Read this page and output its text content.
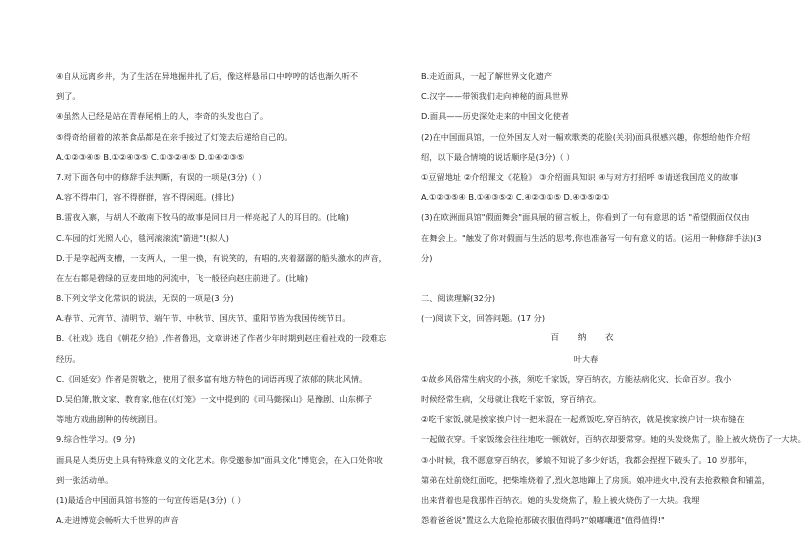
④自从远离乡井，为了生活在异地掘井扎了后，像这样悬吊口中哼哼的话也渐久听不
到了。
④虽然人已经是站在青春尾梢上的人，李奇的头发也白了。
⑤得奇给留着的浓茶食品都是在亲手接过了灯笼去后递给自己的。
A.①②③④⑤ B.①②④③⑤ C.①③②④⑤ D.①④②③⑤
7.对下面各句中的修辞手法判断，有误的一项是(3分)（ ）
A.容不得串门，容不得群群，容不得闲逛。(排比)
B.雷夜入寨，与胡人不敢南下牧马的故事是同日月一样亮起了人的耳目的。(比喻)
C.车园的灯光照人心，毯河滚滚流"箭进"!(拟人)
D.于是孪起两支槽，一支两人，一里一换，有说笑的，有唱的,夹着潺潺的船头激水的声音，
在左右都是碧绿的豆麦田地的河流中，飞一般径向赵庄前进了。(比喻)
8.下列文学文化常识的说法，无误的一项是(3 分)
A.春节、元宵节、清明节、端午节、中秋节、国庆节、重阳节皆为我国传统节日。
B.《社戏》选自《朝花夕拾》,作者鲁迅，文章讲述了作者少年时期到赵庄看社戏的一段难忘
经历。
C.《回延安》作者是贺敬之，使用了很多富有地方特色的词语再现了浓郁的陕北风情。
D.吴伯箫,散文家、教育家,他在(《灯笼》一文中提到的《司马懿探山》是豫剧、山东梆子
等地方戏曲剧种的传统剧目。
9.综合性学习。(9 分)
面具是人类历史上具有特殊意义的文化艺术。你受邀参加"面具文化"博览会，在入口处你收
到一张活动单。
(1)最适合中国面具馆书签的一句宣传语是(3分)（ ）
A.走进博览会畅听大千世界的声音
B.走近面具，一起了解世界文化遗产
C.汉字——带领我们走向神秘的面具世界
D.面具——历史深处走来的中国文化使者
(2)在中国面具馆，一位外国友人对一幅欢歌类的花脸(关羽)面具很感兴趣，你想给他作介绍
绍，以下最合情境的说话顺序是(3分)（ ）
①豆留地址 ②介绍课文《花脸》 ③介绍面具知识 ④与对方打招呼 ⑤请送我国范义的故事
A.①②③⑤④ B.①④③⑤② C.④②③①⑤ D.④③⑤②①
(3)在欧洲面具馆"假面舞会"面具展的留言板上，你看到了一句有意思的话 "希望假面仅仅由
在舞会上。"触发了你对假面与生活的思考,你也准备写一句有意义的话。(运用一种修辞手法)(3
分)
二、阅读理解(32分)
(一)阅读下文，回答问题。(17 分)
百 纳 衣
叶大春
①故乡风俗常生病灾的小孩，须吃千家饭，穿百纳衣，方能祛病化灾、长命百岁。我小
时候经常生病，父母就让我吃千家饭，穿百纳衣。
②吃千家饭,就是挨家挨户讨一把米混在一起煮饭吃,穿百纳衣，就是挨家挨户讨一块布缝在
一起做衣穿。千家饭缘会往往地吃一顿就好，百纳衣却要常穿。她的头发烧焦了，脸上被火烧伤了一大块。
③小时候，我不愿意穿百纳衣，爹娘不知说了多少好话，我都会捏捏下破头了。10 岁那年，
第弟在灶前烧红面吃，把柴堆烧着了,烈火忽地蹿上了房顶。娘冲进火中,没有去抢救粮食和铺盖，
出来背着也是我那件百纳衣。她的头发烧焦了，脸上被火烧伤了一大块。我埋
怨着爸爸说"置这么大危险抢那破衣服值得吗?"娘嘟囔道"值得值得!"
